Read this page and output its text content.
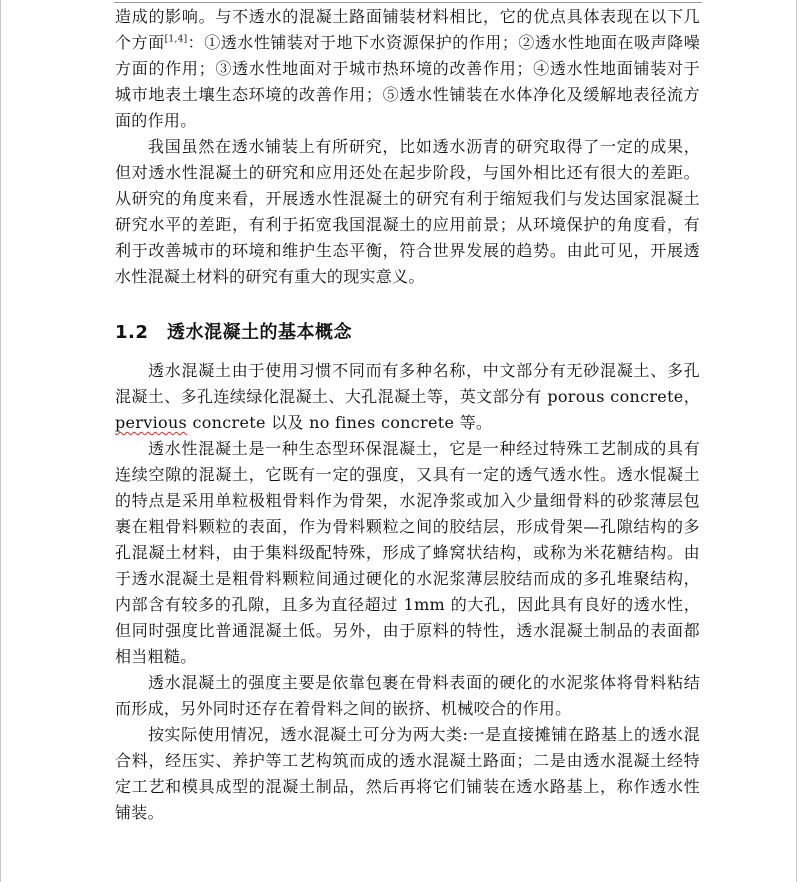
造成的影响。与不透水的混凝土路面铺装材料相比，它的优点具体表现在以下几个方面[1,4]：①透水性铺装对于地下水资源保护的作用；②透水性地面在吸声降噪方面的作用；③透水性地面对于城市热环境的改善作用；④透水性地面铺装对于城市地表土壤生态环境的改善作用；⑤透水性铺装在水体净化及缓解地表径流方面的作用。

我国虽然在透水铺装上有所研究，比如透水沥青的研究取得了一定的成果，但对透水性混凝土的研究和应用还处在起步阶段，与国外相比还有很大的差距。从研究的角度来看，开展透水性混凝土的研究有利于缩短我们与发达国家混凝土研究水平的差距，有利于拓宽我国混凝土的应用前景；从环境保护的角度看，有利于改善城市的环境和维护生态平衡，符合世界发展的趋势。由此可见，开展透水性混凝土材料的研究有重大的现实意义。

1.2 透水混凝土的基本概念

透水混凝土由于使用习惯不同而有多种名称，中文部分有无砂混凝土、多孔混凝土、多孔连续绿化混凝土、大孔混凝土等，英文部分有 porous concrete，pervious concrete 以及 no fines concrete 等。

透水性混凝土是一种生态型环保混凝土，它是一种经过特殊工艺制成的具有连续空隙的混凝土，它既有一定的强度，又具有一定的透气透水性。透水惃凝土的特点是采用单粒极粗骨料作为骨架，水泥净浆或加入少量细骨料的砂浆薄层包裹在粗骨料颗粒的表面，作为骨料颗粒之间的胶结层，形成骨架—孔隙结构的多孔混凝土材料，由于集料级配特殊，形成了蜂窝状结构，或称为米花糖结构。由于透水混凝土是粗骨料颗粒间通过硬化的水泥浆薄层胶结而成的多孔堆聚结构，内部含有较多的孔隙，且多为直径超过 1mm 的大孔，因此具有良好的透水性，但同时强度比普通混凝土低。另外，由于原料的特性，透水混凝土制品的表面都相当粗糙。

透水混凝土的强度主要是依靠包裹在骨料表面的硬化的水泥浆体将骨料粘结而形成，另外同时还存在着骨料之间的嵌挤、机械咬合的作用。

按实际使用情况，透水混凝土可分为两大类:一是直接摊铺在路基上的透水混合料，经压实、养护等工艺构筑而成的透水混凝土路面；二是由透水混凝土经特定工艺和模具成型的混凝土制品，然后再将它们铺装在透水路基上，称作透水性铺装。
